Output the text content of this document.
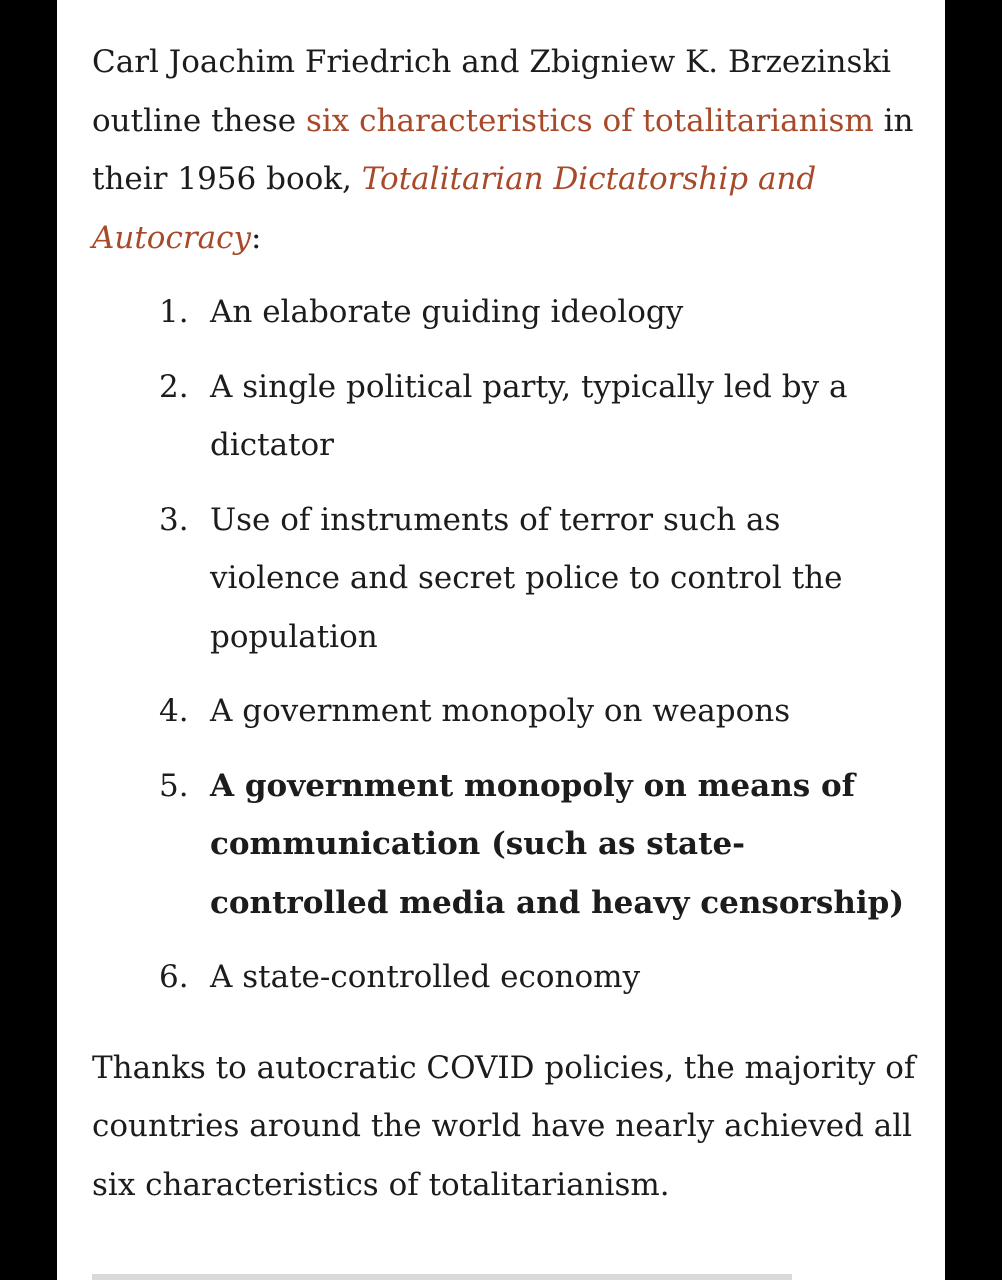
Carl Joachim Friedrich and Zbigniew K. Brzezinski outline these six characteristics of totalitarianism in their 1956 book, Totalitarian Dictatorship and Autocracy:

1. An elaborate guiding ideology
2. A single political party, typically led by a dictator
3. Use of instruments of terror such as violence and secret police to control the population
4. A government monopoly on weapons
5. A government monopoly on means of communication (such as state-controlled media and heavy censorship)
6. A state-controlled economy

Thanks to autocratic COVID policies, the majority of countries around the world have nearly achieved all six characteristics of totalitarianism.
